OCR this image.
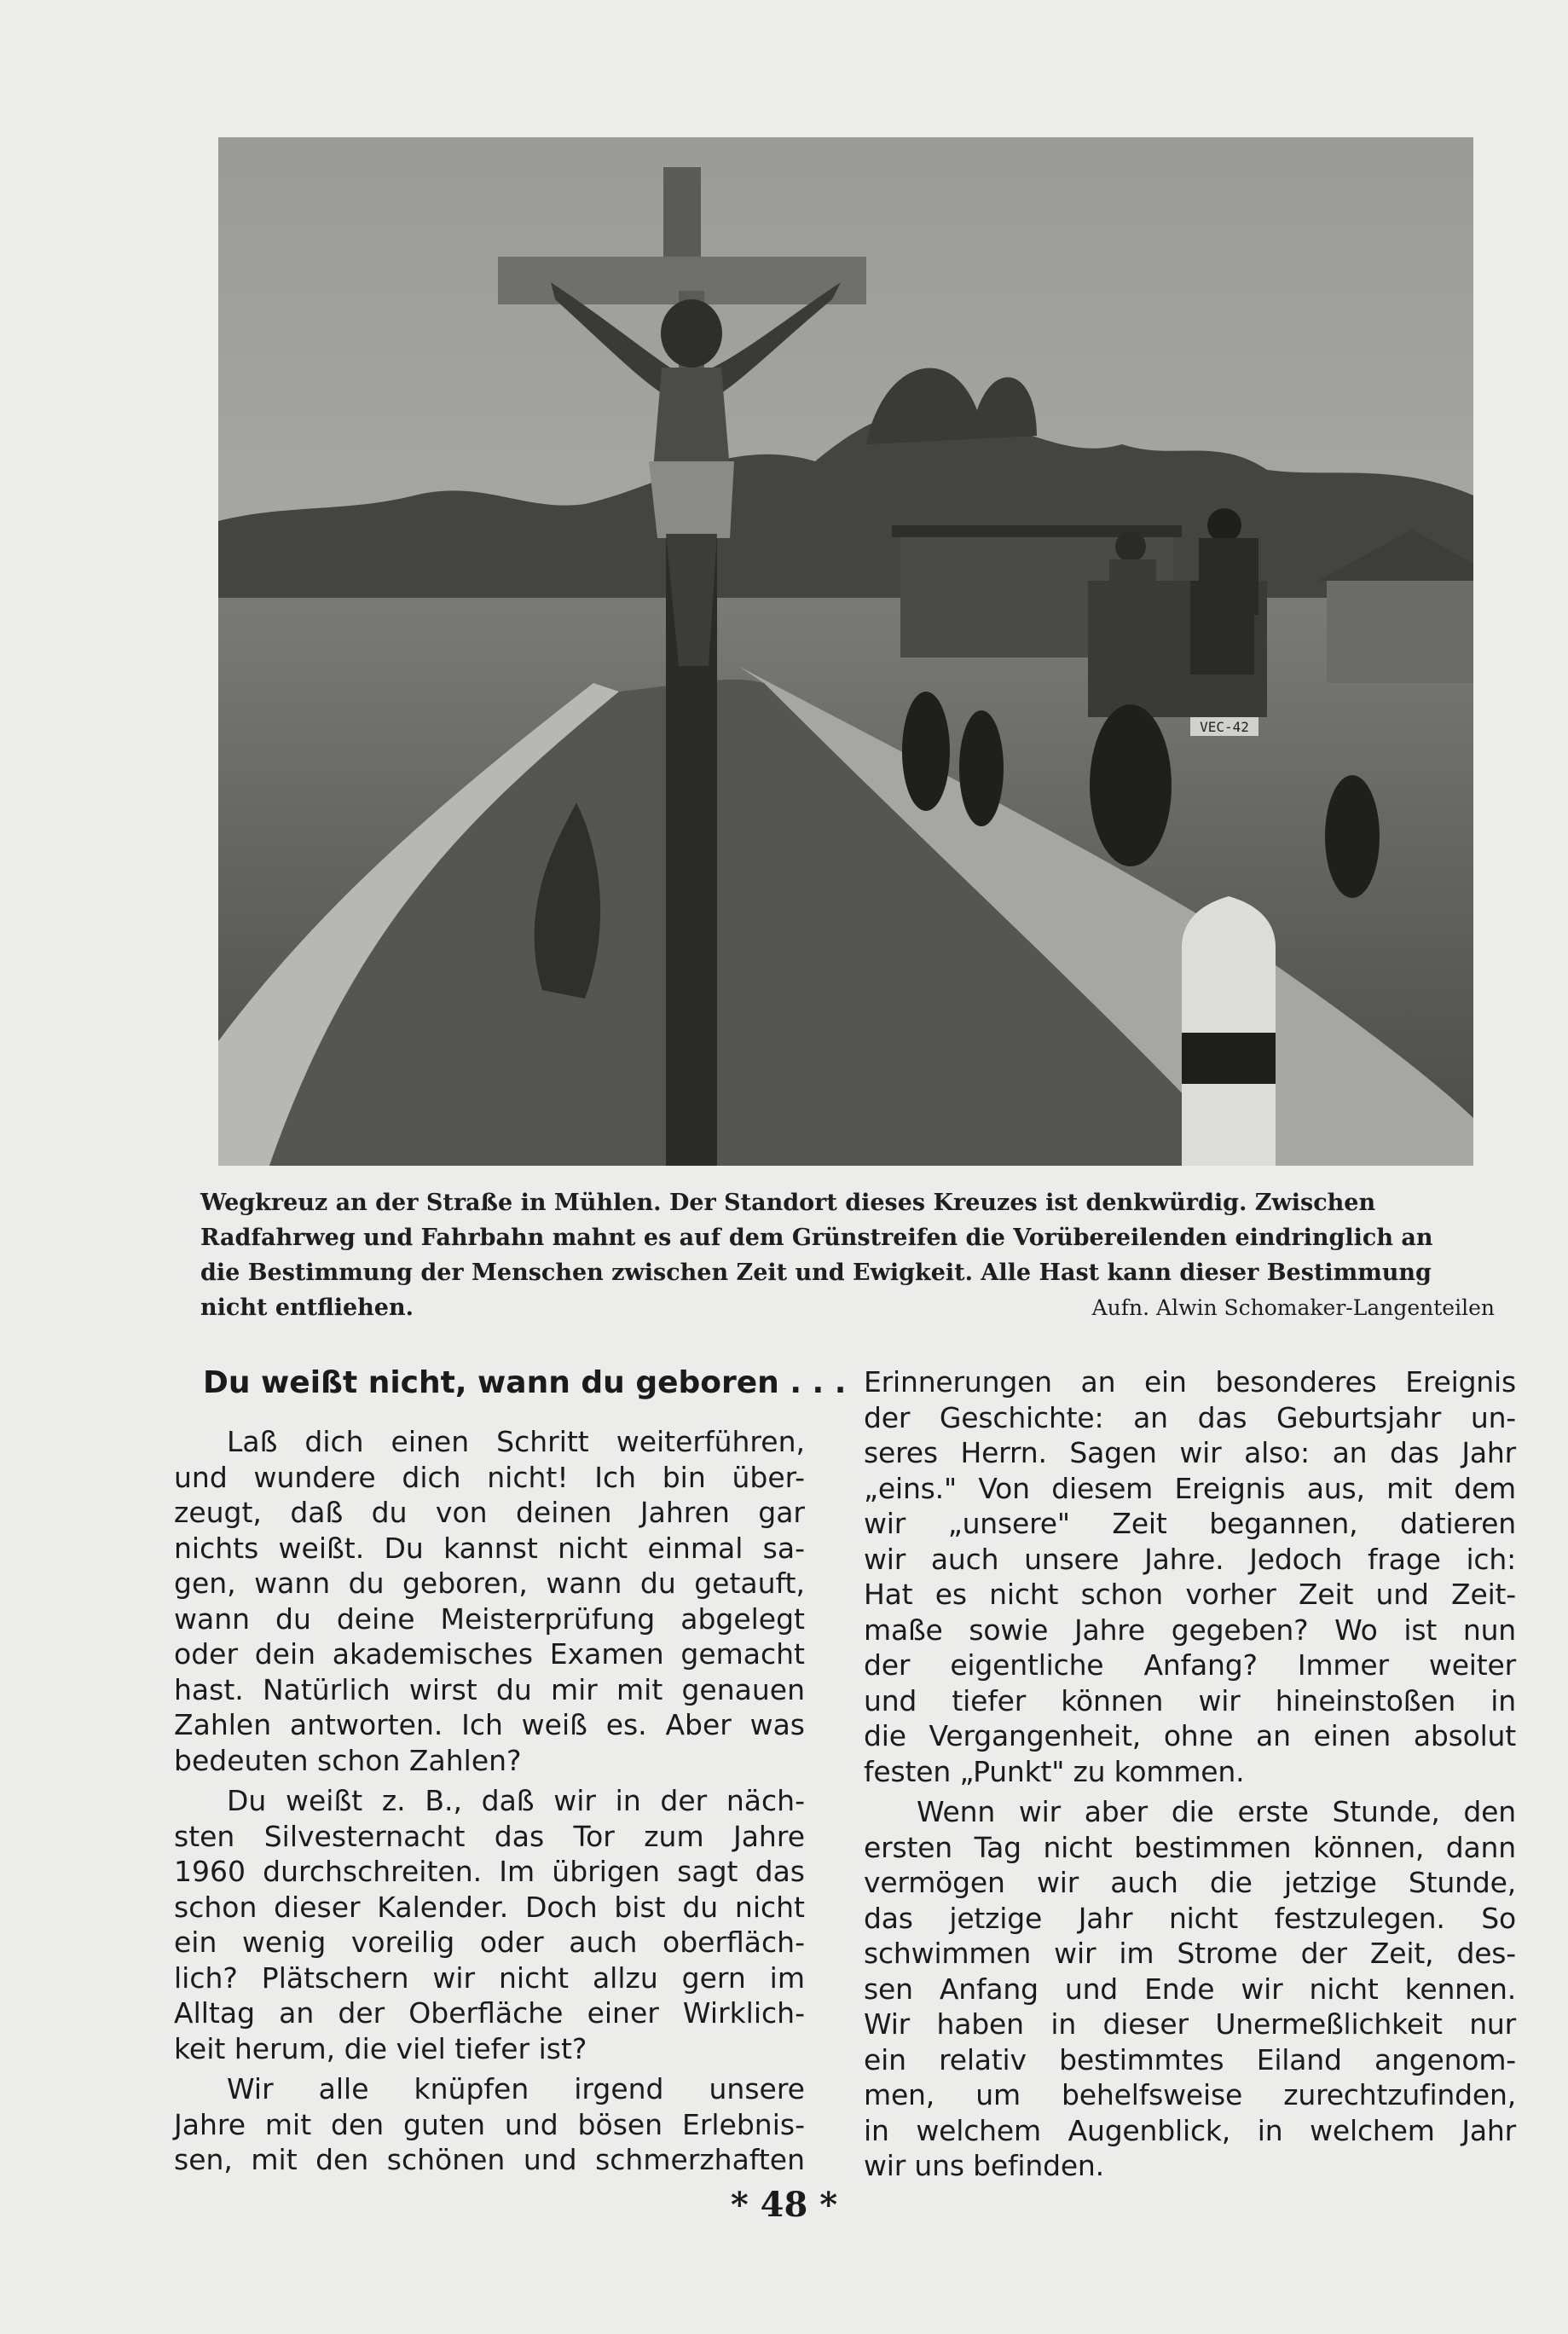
VEC-42
Wegkreuz an der Straße in Mühlen. Der Standort dieses Kreuzes ist denkwürdig. Zwischen
Radfahrweg und Fahrbahn mahnt es auf dem Grünstreifen die Vorübereilenden eindringlich an
die Bestimmung der Menschen zwischen Zeit und Ewigkeit. Alle Hast kann dieser Bestimmung
nicht entfliehen.	Aufn. Alwin Schomaker-Langenteilen
Du weißt nicht, wann du geboren . . .
Laß dich einen Schritt weiterführen,
und wundere dich nicht! Ich bin über-
zeugt, daß du von deinen Jahren gar
nichts weißt. Du kannst nicht einmal sa-
gen, wann du geboren, wann du getauft,
wann du deine Meisterprüfung abgelegt
oder dein akademisches Examen gemacht
hast. Natürlich wirst du mir mit genauen
Zahlen antworten. Ich weiß es. Aber was
bedeuten schon Zahlen?
Du weißt z. B., daß wir in der näch-
sten Silvesternacht das Tor zum Jahre
1960 durchschreiten. Im übrigen sagt das
schon dieser Kalender. Doch bist du nicht
ein wenig voreilig oder auch oberfläch-
lich? Plätschern wir nicht allzu gern im
Alltag an der Oberfläche einer Wirklich-
keit herum, die viel tiefer ist?
Wir alle knüpfen irgend unsere
Jahre mit den guten und bösen Erlebnis-
sen, mit den schönen und schmerzhaften
Erinnerungen an ein besonderes Ereignis
der Geschichte: an das Geburtsjahr un-
seres Herrn. Sagen wir also: an das Jahr
„eins." Von diesem Ereignis aus, mit dem
wir „unsere" Zeit begannen, datieren
wir auch unsere Jahre. Jedoch frage ich:
Hat es nicht schon vorher Zeit und Zeit-
maße sowie Jahre gegeben? Wo ist nun
der eigentliche Anfang? Immer weiter
und tiefer können wir hineinstoßen in
die Vergangenheit, ohne an einen absolut
festen „Punkt" zu kommen.
Wenn wir aber die erste Stunde, den
ersten Tag nicht bestimmen können, dann
vermögen wir auch die jetzige Stunde,
das jetzige Jahr nicht festzulegen. So
schwimmen wir im Strome der Zeit, des-
sen Anfang und Ende wir nicht kennen.
Wir haben in dieser Unermeßlichkeit nur
ein relativ bestimmtes Eiland angenom-
men, um behelfsweise zurechtzufinden,
in welchem Augenblick, in welchem Jahr
wir uns befinden.
* 48 *
